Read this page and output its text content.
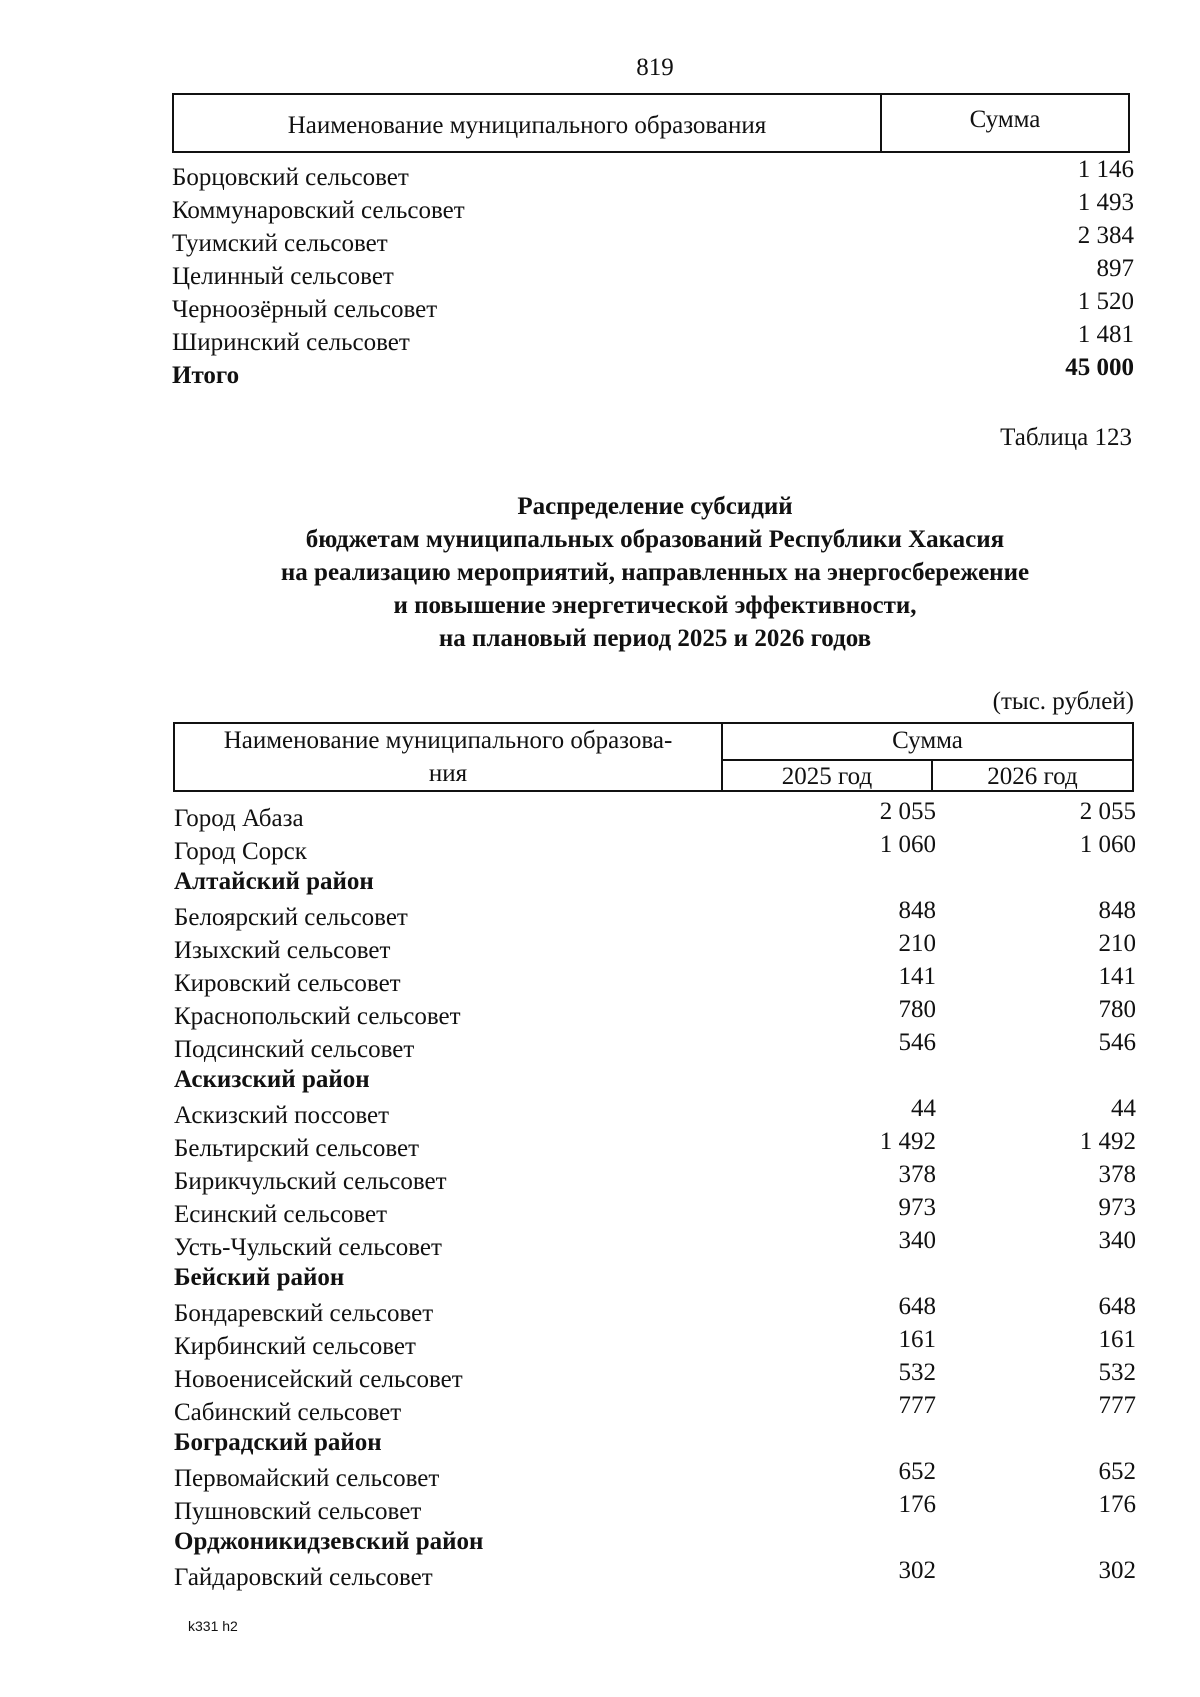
819
Наименование муниципального образования	Сумма
Борцовский сельсовет	1 146
Коммунаровский сельсовет	1 493
Туимский сельсовет	2 384
Целинный сельсовет	897
Черноозёрный сельсовет	1 520
Ширинский сельсовет	1 481
Итого	45 000
Таблица 123
Распределение субсидий
бюджетам муниципальных образований Республики Хакасия
на реализацию мероприятий, направленных на энергосбережение
и повышение энергетической эффективности,
на плановый период 2025 и 2026 годов
(тыс. рублей)
Наименование муниципального образова-
ния
Сумма
2025 год	2026 год
Город Абаза	2 055	2 055
Город Сорск	1 060	1 060
Алтайский район
Белоярский сельсовет	848	848
Изыхский сельсовет	210	210
Кировский сельсовет	141	141
Краснопольский сельсовет	780	780
Подсинский сельсовет	546	546
Аскизский район
Аскизский поссовет	44	44
Бельтирский сельсовет	1 492	1 492
Бирикчульский сельсовет	378	378
Есинский сельсовет	973	973
Усть-Чульский сельсовет	340	340
Бейский район
Бондаревский сельсовет	648	648
Кирбинский сельсовет	161	161
Новоенисейский сельсовет	532	532
Сабинский сельсовет	777	777
Боградский район
Первомайский сельсовет	652	652
Пушновский сельсовет	176	176
Орджоникидзевский район
Гайдаровский сельсовет	302	302
k331 h2
